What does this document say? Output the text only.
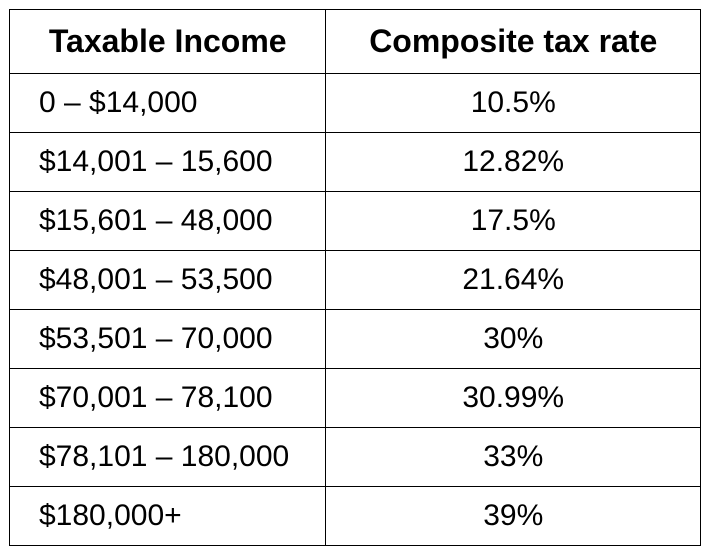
Taxable Income	Composite tax rate
0 – $14,000	10.5%
$14,001 – 15,600	12.82%
$15,601 – 48,000	17.5%
$48,001 – 53,500	21.64%
$53,501 – 70,000	30%
$70,001 – 78,100	30.99%
$78,101 – 180,000	33%
$180,000+	39%
